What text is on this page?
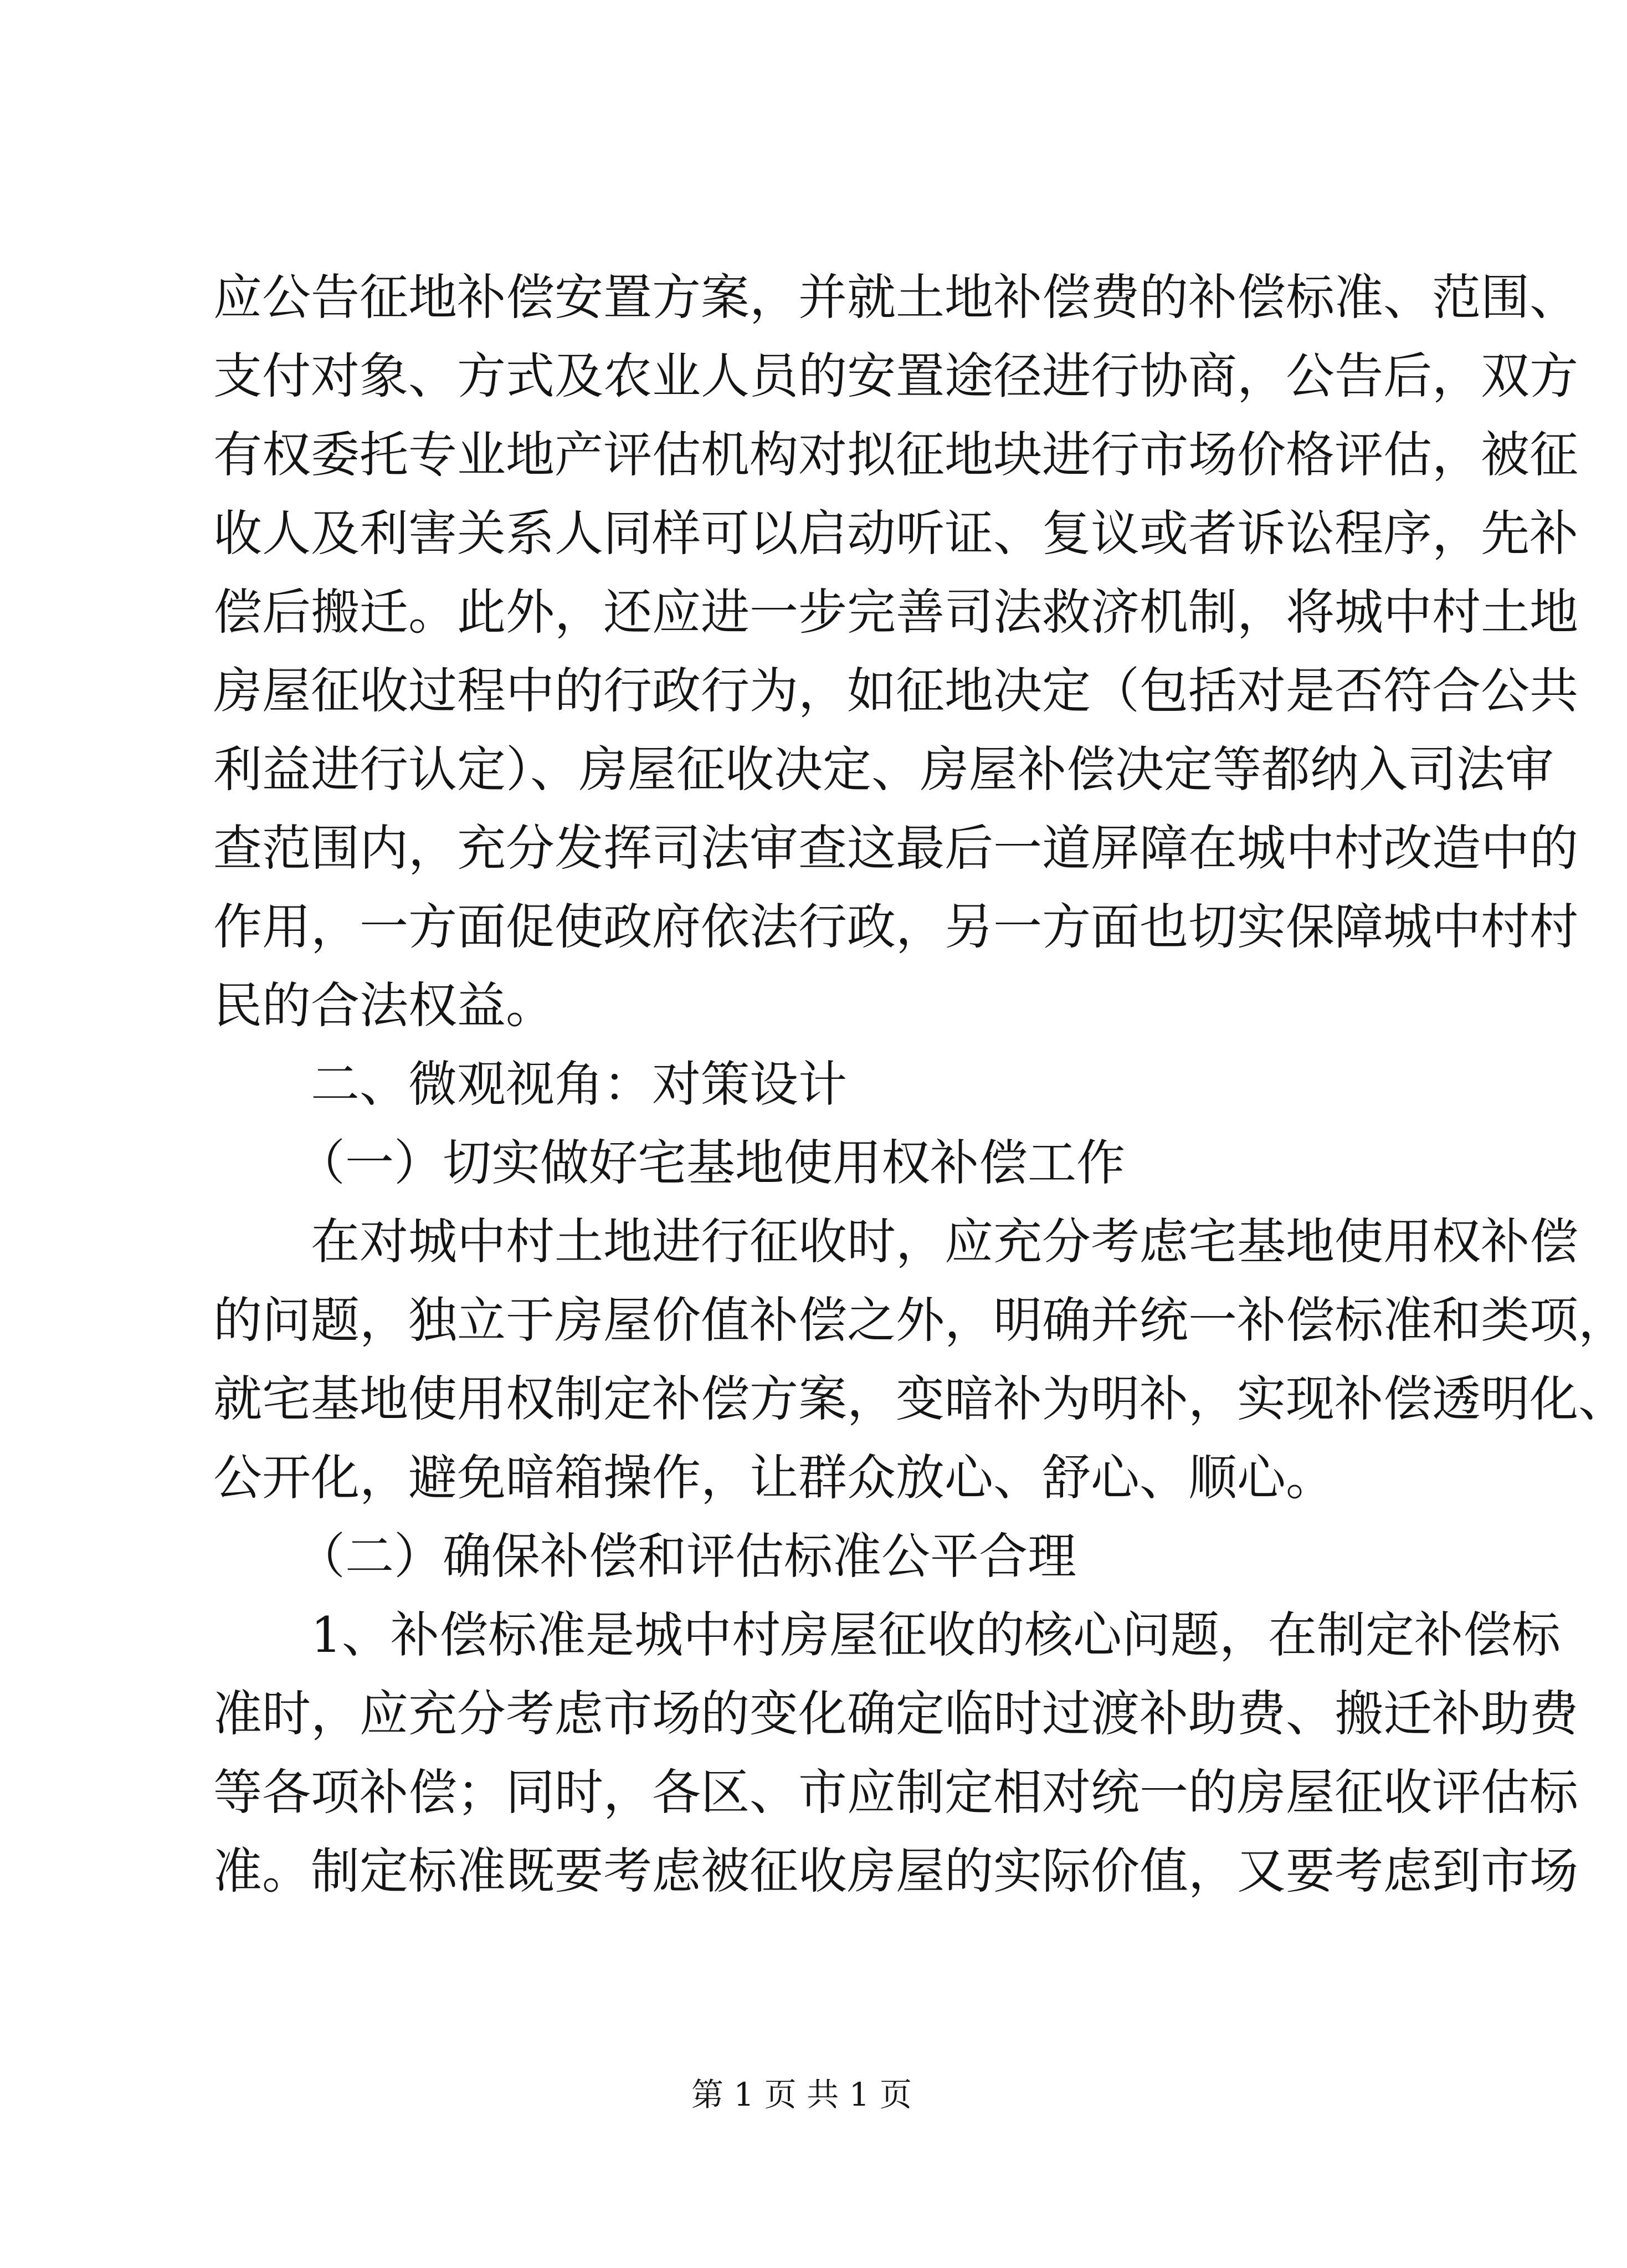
应公告征地补偿安置方案，并就土地补偿费的补偿标准、范围、
支付对象、方式及农业人员的安置途径进行协商，公告后，双方
有权委托专业地产评估机构对拟征地块进行市场价格评估，被征
收人及利害关系人同样可以启动听证、复议或者诉讼程序，先补
偿后搬迁。此外，还应进一步完善司法救济机制，将城中村土地
房屋征收过程中的行政行为，如征地决定（包括对是否符合公共
利益进行认定）、房屋征收决定、房屋补偿决定等都纳入司法审
查范围内，充分发挥司法审查这最后一道屏障在城中村改造中的
作用，一方面促使政府依法行政，另一方面也切实保障城中村村
民的合法权益。
二、微观视角：对策设计
（一）切实做好宅基地使用权补偿工作
在对城中村土地进行征收时，应充分考虑宅基地使用权补偿
的问题，独立于房屋价值补偿之外，明确并统一补偿标准和类项，
就宅基地使用权制定补偿方案，变暗补为明补，实现补偿透明化、
公开化，避免暗箱操作，让群众放心、舒心、顺心。
（二）确保补偿和评估标准公平合理
1、补偿标准是城中村房屋征收的核心问题，在制定补偿标
准时，应充分考虑市场的变化确定临时过渡补助费、搬迁补助费
等各项补偿；同时，各区、市应制定相对统一的房屋征收评估标
准。制定标准既要考虑被征收房屋的实际价值，又要考虑到市场
第 1 页 共 1 页
